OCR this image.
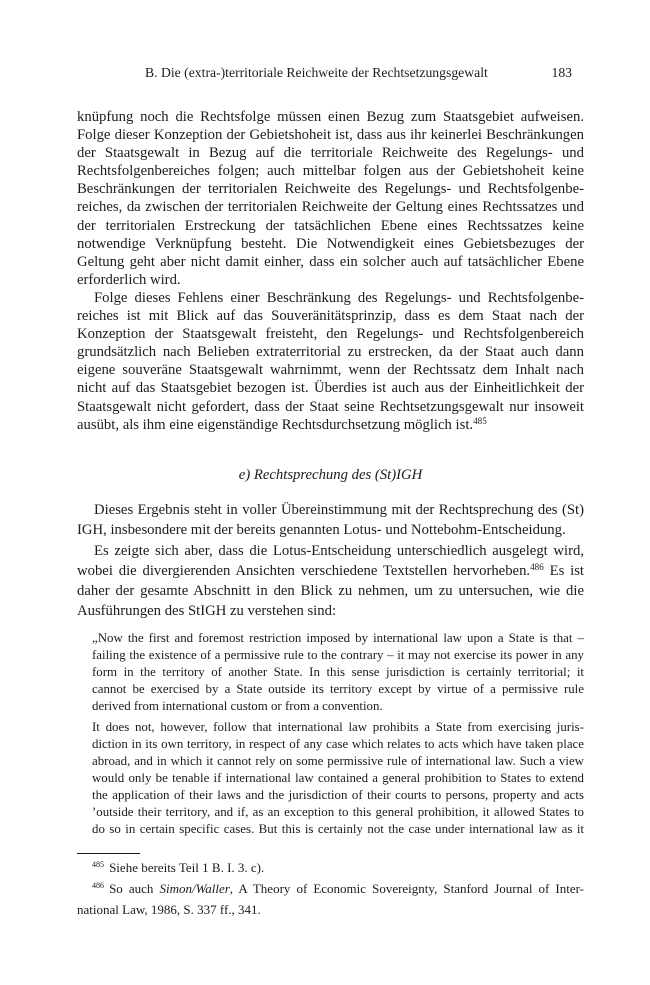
B. Die (extra-)territoriale Reichweite der Rechtsetzungsgewalt	183
knüpfung noch die Rechtsfolge müssen einen Bezug zum Staatsgebiet aufweisen.
Folge dieser Konzeption der Gebietshoheit ist, dass aus ihr keinerlei Beschränkungen
der Staatsgewalt in Bezug auf die territoriale Reichweite des Regelungs- und
Rechtsfolgenbereiches folgen; auch mittelbar folgen aus der Gebietshoheit keine
Beschränkungen der territorialen Reichweite des Regelungs- und Rechtsfolgenbe-
reiches, da zwischen der territorialen Reichweite der Geltung eines Rechtssatzes und
der territorialen Erstreckung der tatsächlichen Ebene eines Rechtssatzes keine
notwendige Verknüpfung besteht. Die Notwendigkeit eines Gebietsbezuges der
Geltung geht aber nicht damit einher, dass ein solcher auch auf tatsächlicher Ebene
erforderlich wird.
Folge dieses Fehlens einer Beschränkung des Regelungs- und Rechtsfolgenbe-
reiches ist mit Blick auf das Souveränitätsprinzip, dass es dem Staat nach der
Konzeption der Staatsgewalt freisteht, den Regelungs- und Rechtsfolgenbereich
grundsätzlich nach Belieben extraterritorial zu erstrecken, da der Staat auch dann
eigene souveräne Staatsgewalt wahrnimmt, wenn der Rechtssatz dem Inhalt nach
nicht auf das Staatsgebiet bezogen ist. Überdies ist auch aus der Einheitlichkeit der
Staatsgewalt nicht gefordert, dass der Staat seine Rechtsetzungsgewalt nur insoweit
ausübt, als ihm eine eigenständige Rechtsdurchsetzung möglich ist.$^{485}$
e) Rechtsprechung des (St)IGH
Dieses Ergebnis steht in voller Übereinstimmung mit der Rechtsprechung des (St)
IGH, insbesondere mit der bereits genannten Lotus- und Nottebohm-Entscheidung.
Es zeigte sich aber, dass die Lotus-Entscheidung unterschiedlich ausgelegt wird,
wobei die divergierenden Ansichten verschiedene Textstellen hervorheben.$^{486}$ Es ist
daher der gesamte Abschnitt in den Blick zu nehmen, um zu untersuchen, wie die
Ausführungen des StIGH zu verstehen sind:
„Now the first and foremost restriction imposed by international law upon a State is that –
failing the existence of a permissive rule to the contrary – it may not exercise its power in any
form in the territory of another State. In this sense jurisdiction is certainly territorial; it
cannot be exercised by a State outside its territory except by virtue of a permissive rule
derived from international custom or from a convention.
It does not, however, follow that international law prohibits a State from exercising juris-
diction in its own territory, in respect of any case which relates to acts which have taken place
abroad, and in which it cannot rely on some permissive rule of international law. Such a view
would only be tenable if international law contained a general prohibition to States to extend
the application of their laws and the jurisdiction of their courts to persons, property and acts
’outside their territory, and if, as an exception to this general prohibition, it allowed States to
do so in certain specific cases. But this is certainly not the case under international law as it
$^{485}$ Siehe bereits Teil 1 B. I. 3. c).
$^{486}$ So auch Simon/Waller, A Theory of Economic Sovereignty, Stanford Journal of Inter-
national Law, 1986, S. 337 ff., 341.
